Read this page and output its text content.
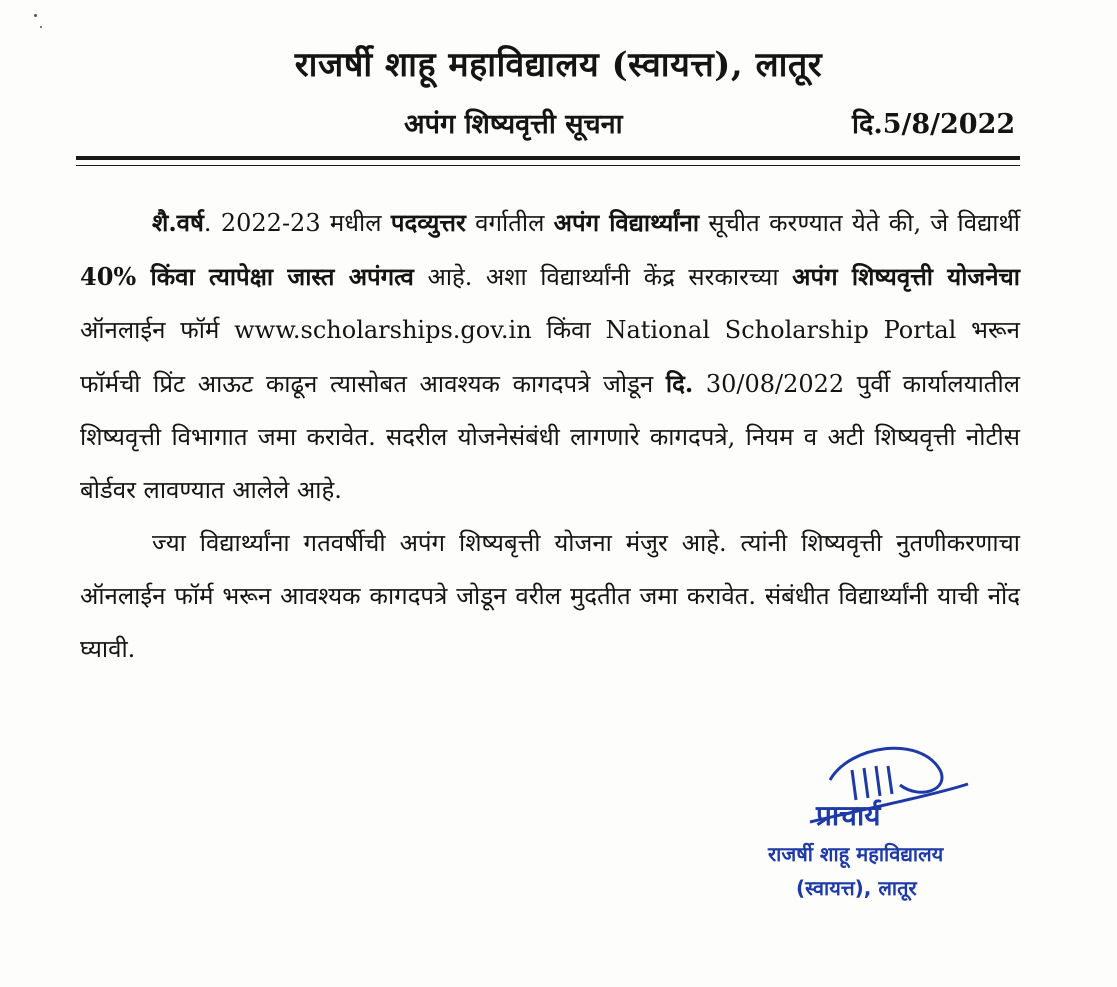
राजर्षी शाहू महाविद्यालय (स्वायत्त), लातूर
अपंग शिष्यवृत्ती सूचना	दि.5/8/2022

शै.वर्ष. 2022-23 मधील पदव्युत्तर वर्गातील अपंग विद्यार्थ्यांना सूचीत करण्यात येते की, जे विद्यार्थी 40% किंवा त्यापेक्षा जास्त अपंगत्व आहे. अशा विद्यार्थ्यांनी केंद्र सरकारच्या अपंग शिष्यवृत्ती योजनेचा ऑनलाईन फॉर्म www.scholarships.gov.in किंवा National Scholarship Portal भरून फॉर्मची प्रिंट आऊट काढून त्यासोबत आवश्यक कागदपत्रे जोडून दि. 30/08/2022 पुर्वी कार्यालयातील शिष्यवृत्ती विभागात जमा करावेत. सदरील योजनेसंबंधी लागणारे कागदपत्रे, नियम व अटी शिष्यवृत्ती नोटीस बोर्डवर लावण्यात आलेले आहे.

ज्या विद्यार्थ्यांना गतवर्षीची अपंग शिष्यबृत्ती योजना मंजुर आहे. त्यांनी शिष्यवृत्ती नुतणीकरणाचा ऑनलाईन फॉर्म भरून आवश्यक कागदपत्रे जोडून वरील मुदतीत जमा करावेत. संबंधीत विद्यार्थ्यांनी याची नोंद घ्यावी.

प्राचार्य
राजर्षी शाहू महाविद्यालय
(स्वायत्त), लातूर
